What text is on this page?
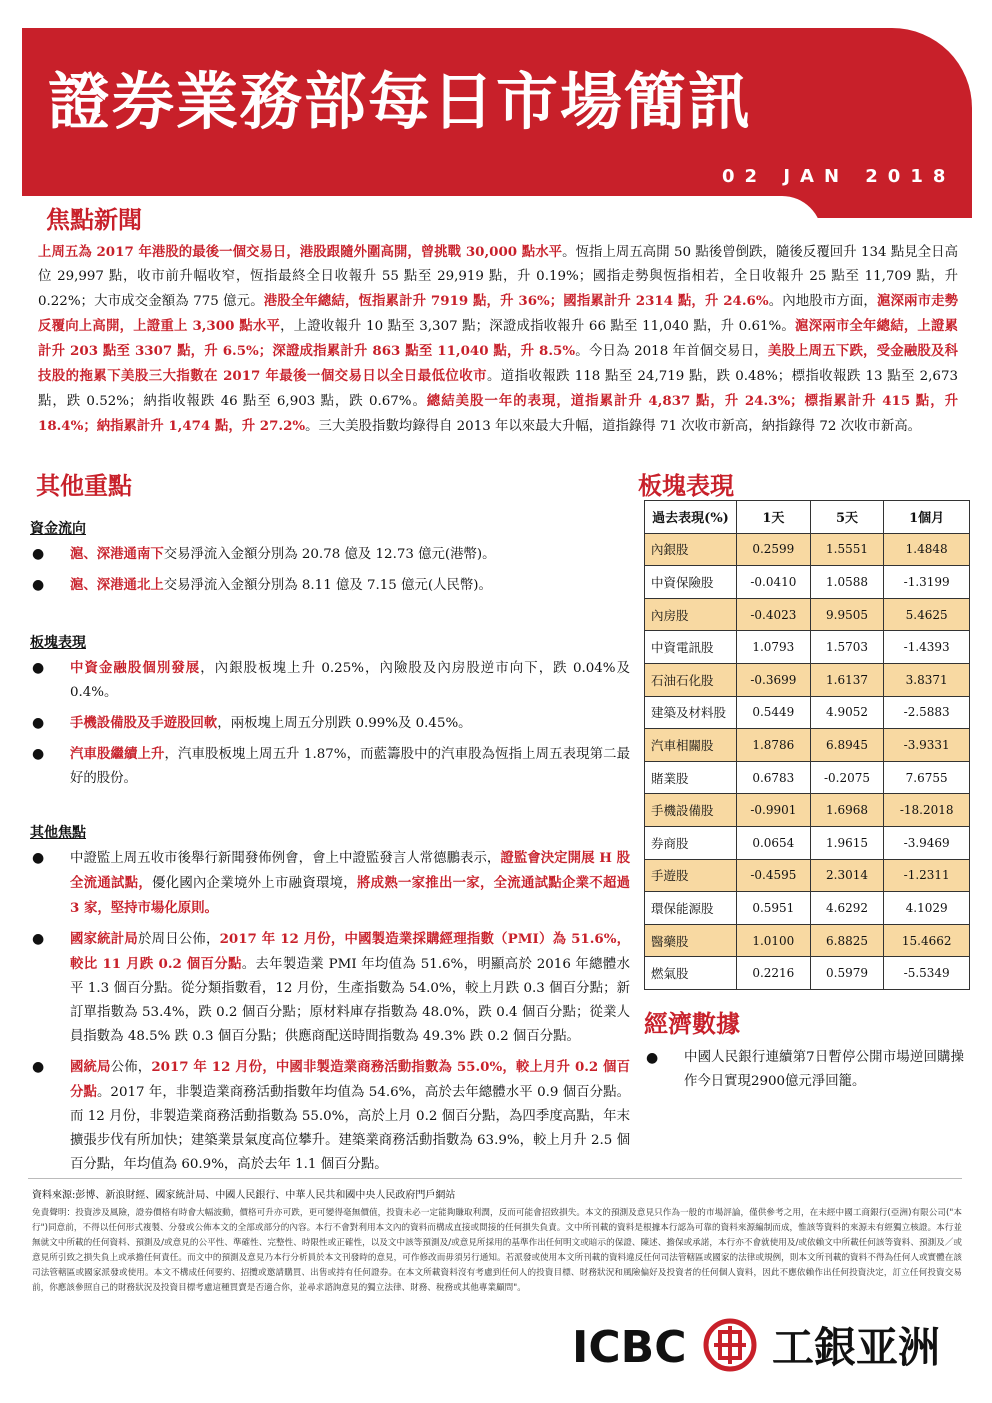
證券業務部每日市場簡訊
02 JAN 2018
焦點新聞
上周五為 2017 年港股的最後一個交易日，港股跟隨外圍高開，曾挑戰 30,000 點水平。恆指上周五高開 50 點後曾倒跌，隨後反覆回升 134 點見全日高位 29,997 點，收市前升幅收窄，恆指最終全日收報升 55 點至 29,919 點，升 0.19%；國指走勢與恆指相若，全日收報升 25 點至 11,709 點，升 0.22%；大市成交金額為 775 億元。港股全年總結，恆指累計升 7919 點，升 36%；國指累計升 2314 點，升 24.6%。內地股市方面，滬深兩市走勢反覆向上高開，上證重上 3,300 點水平，上證收報升 10 點至 3,307 點；深證成指收報升 66 點至 11,040 點，升 0.61%。滬深兩市全年總結，上證累計升 203 點至 3307 點，升 6.5%；深證成指累計升 863 點至 11,040 點，升 8.5%。今日為 2018 年首個交易日，美股上周五下跌，受金融股及科技股的拖累下美股三大指數在 2017 年最後一個交易日以全日最低位收市。道指收報跌 118 點至 24,719 點，跌 0.48%；標指收報跌 13 點至 2,673 點，跌 0.52%；納指收報跌 46 點至 6,903 點，跌 0.67%。總結美股一年的表現，道指累計升 4,837 點，升 24.3%；標指累計升 415 點，升 18.4%；納指累計升 1,474 點，升 27.2%。三大美股指數均錄得自 2013 年以來最大升幅，道指錄得 71 次收市新高，納指錄得 72 次收市新高。
其他重點
資金流向
● 滬、深港通南下交易淨流入金額分別為 20.78 億及 12.73 億元(港幣)。
● 滬、深港通北上交易淨流入金額分別為 8.11 億及 7.15 億元(人民幣)。
板塊表現
● 中資金融股個別發展，內銀股板塊上升 0.25%，內險股及內房股逆市向下，跌 0.04%及 0.4%。
● 手機設備股及手遊股回軟，兩板塊上周五分別跌 0.99%及 0.45%。
● 汽車股繼續上升，汽車股板塊上周五升 1.87%，而藍籌股中的汽車股為恆指上周五表現第二最好的股份。
其他焦點
● 中證監上周五收市後舉行新聞發佈例會，會上中證監發言人常德鵬表示，證監會決定開展 H 股全流通試點，優化國內企業境外上市融資環境，將成熟一家推出一家，全流通試點企業不超過 3 家，堅持市場化原則。
● 國家統計局於周日公佈，2017 年 12 月份，中國製造業採購經理指數（PMI）為 51.6%，較比 11 月跌 0.2 個百分點。去年製造業 PMI 年均值為 51.6%，明顯高於 2016 年總體水平 1.3 個百分點。從分類指數看，12 月份，生產指數為 54.0%，較上月跌 0.3 個百分點；新訂單指數為 53.4%，跌 0.2 個百分點；原材料庫存指數為 48.0%，跌 0.4 個百分點；從業人員指數為 48.5% 跌 0.3 個百分點；供應商配送時間指數為 49.3% 跌 0.2 個百分點。
● 國統局公佈，2017 年 12 月份，中國非製造業商務活動指數為 55.0%，較上月升 0.2 個百分點。2017 年，非製造業商務活動指數年均值為 54.6%，高於去年總體水平 0.9 個百分點。而 12 月份，非製造業商務活動指數為 55.0%，高於上月 0.2 個百分點，為四季度高點，年末擴張步伐有所加快；建築業景氣度高位攀升。建築業商務活動指數為 63.9%，較上月升 2.5 個百分點，年均值為 60.9%，高於去年 1.1 個百分點。
板塊表現
過去表現(%)	1天	5天	1個月
內銀股	0.2599	1.5551	1.4848
中資保險股	-0.0410	1.0588	-1.3199
內房股	-0.4023	9.9505	5.4625
中資電訊股	1.0793	1.5703	-1.4393
石油石化股	-0.3699	1.6137	3.8371
建築及材料股	0.5449	4.9052	-2.5883
汽車相關股	1.8786	6.8945	-3.9331
賭業股	0.6783	-0.2075	7.6755
手機設備股	-0.9901	1.6968	-18.2018
券商股	0.0654	1.9615	-3.9469
手遊股	-0.4595	2.3014	-1.2311
環保能源股	0.5951	4.6292	4.1029
醫藥股	1.0100	6.8825	15.4662
燃氣股	0.2216	0.5979	-5.5349
經濟數據
● 中國人民銀行連續第7日暫停公開市場逆回購操作今日實現2900億元淨回籠。
資料來源:彭博、新浪財經、國家統計局、中國人民銀行、中華人民共和國中央人民政府門戶網站
免責聲明：投資涉及風險，證券價格有時會大幅波動，價格可升亦可跌，更可變得毫無價值，投資未必一定能夠賺取利潤，反而可能會招致損失。本文的預測及意見只作為一般的市場評論，僅供參考之用，在未經中國工商銀行(亞洲)有限公司("本行")同意前，不得以任何形式複製、分發或公佈本文的全部或部分的內容。本行不會對利用本文內的資料而構成直接或間接的任何損失負責。文中所刊載的資料是根據本行認為可靠的資料來源編制而成，惟該等資料的來源未有經獨立核證。本行並無就文中所載的任何資料、預測及/或意見的公平性、準確性、完整性、時限性或正確性，以及文中該等預測及/或意見所採用的基準作出任何明文或暗示的保證、陳述、擔保或承諾，本行亦不會就使用及/或依賴文中所載任何該等資料、預測及／或意見所引致之損失負上或承擔任何責任。而文中的預測及意見乃本行分析員於本文刊發時的意見，可作修改而毋須另行通知。若派發或使用本文所刊載的資料違反任何司法管轄區或國家的法律或規例，則本文所刊載的資料不得為任何人或實體在該司法管轄區或國家派發或使用。本文不構成任何要約、招攬或邀請購買、出售或持有任何證券。在本文所載資料沒有考慮到任何人的投資目標、財務狀況和風險偏好及投資者的任何個人資料，因此不應依賴作出任何投資決定，訂立任何投資交易前，你應該參照自己的財務狀況及投資目標考慮這種買賣是否適合你，並尋求諮詢意見的獨立法律、財務、稅務或其他專業顧問"。
ICBC 工銀亚洲
